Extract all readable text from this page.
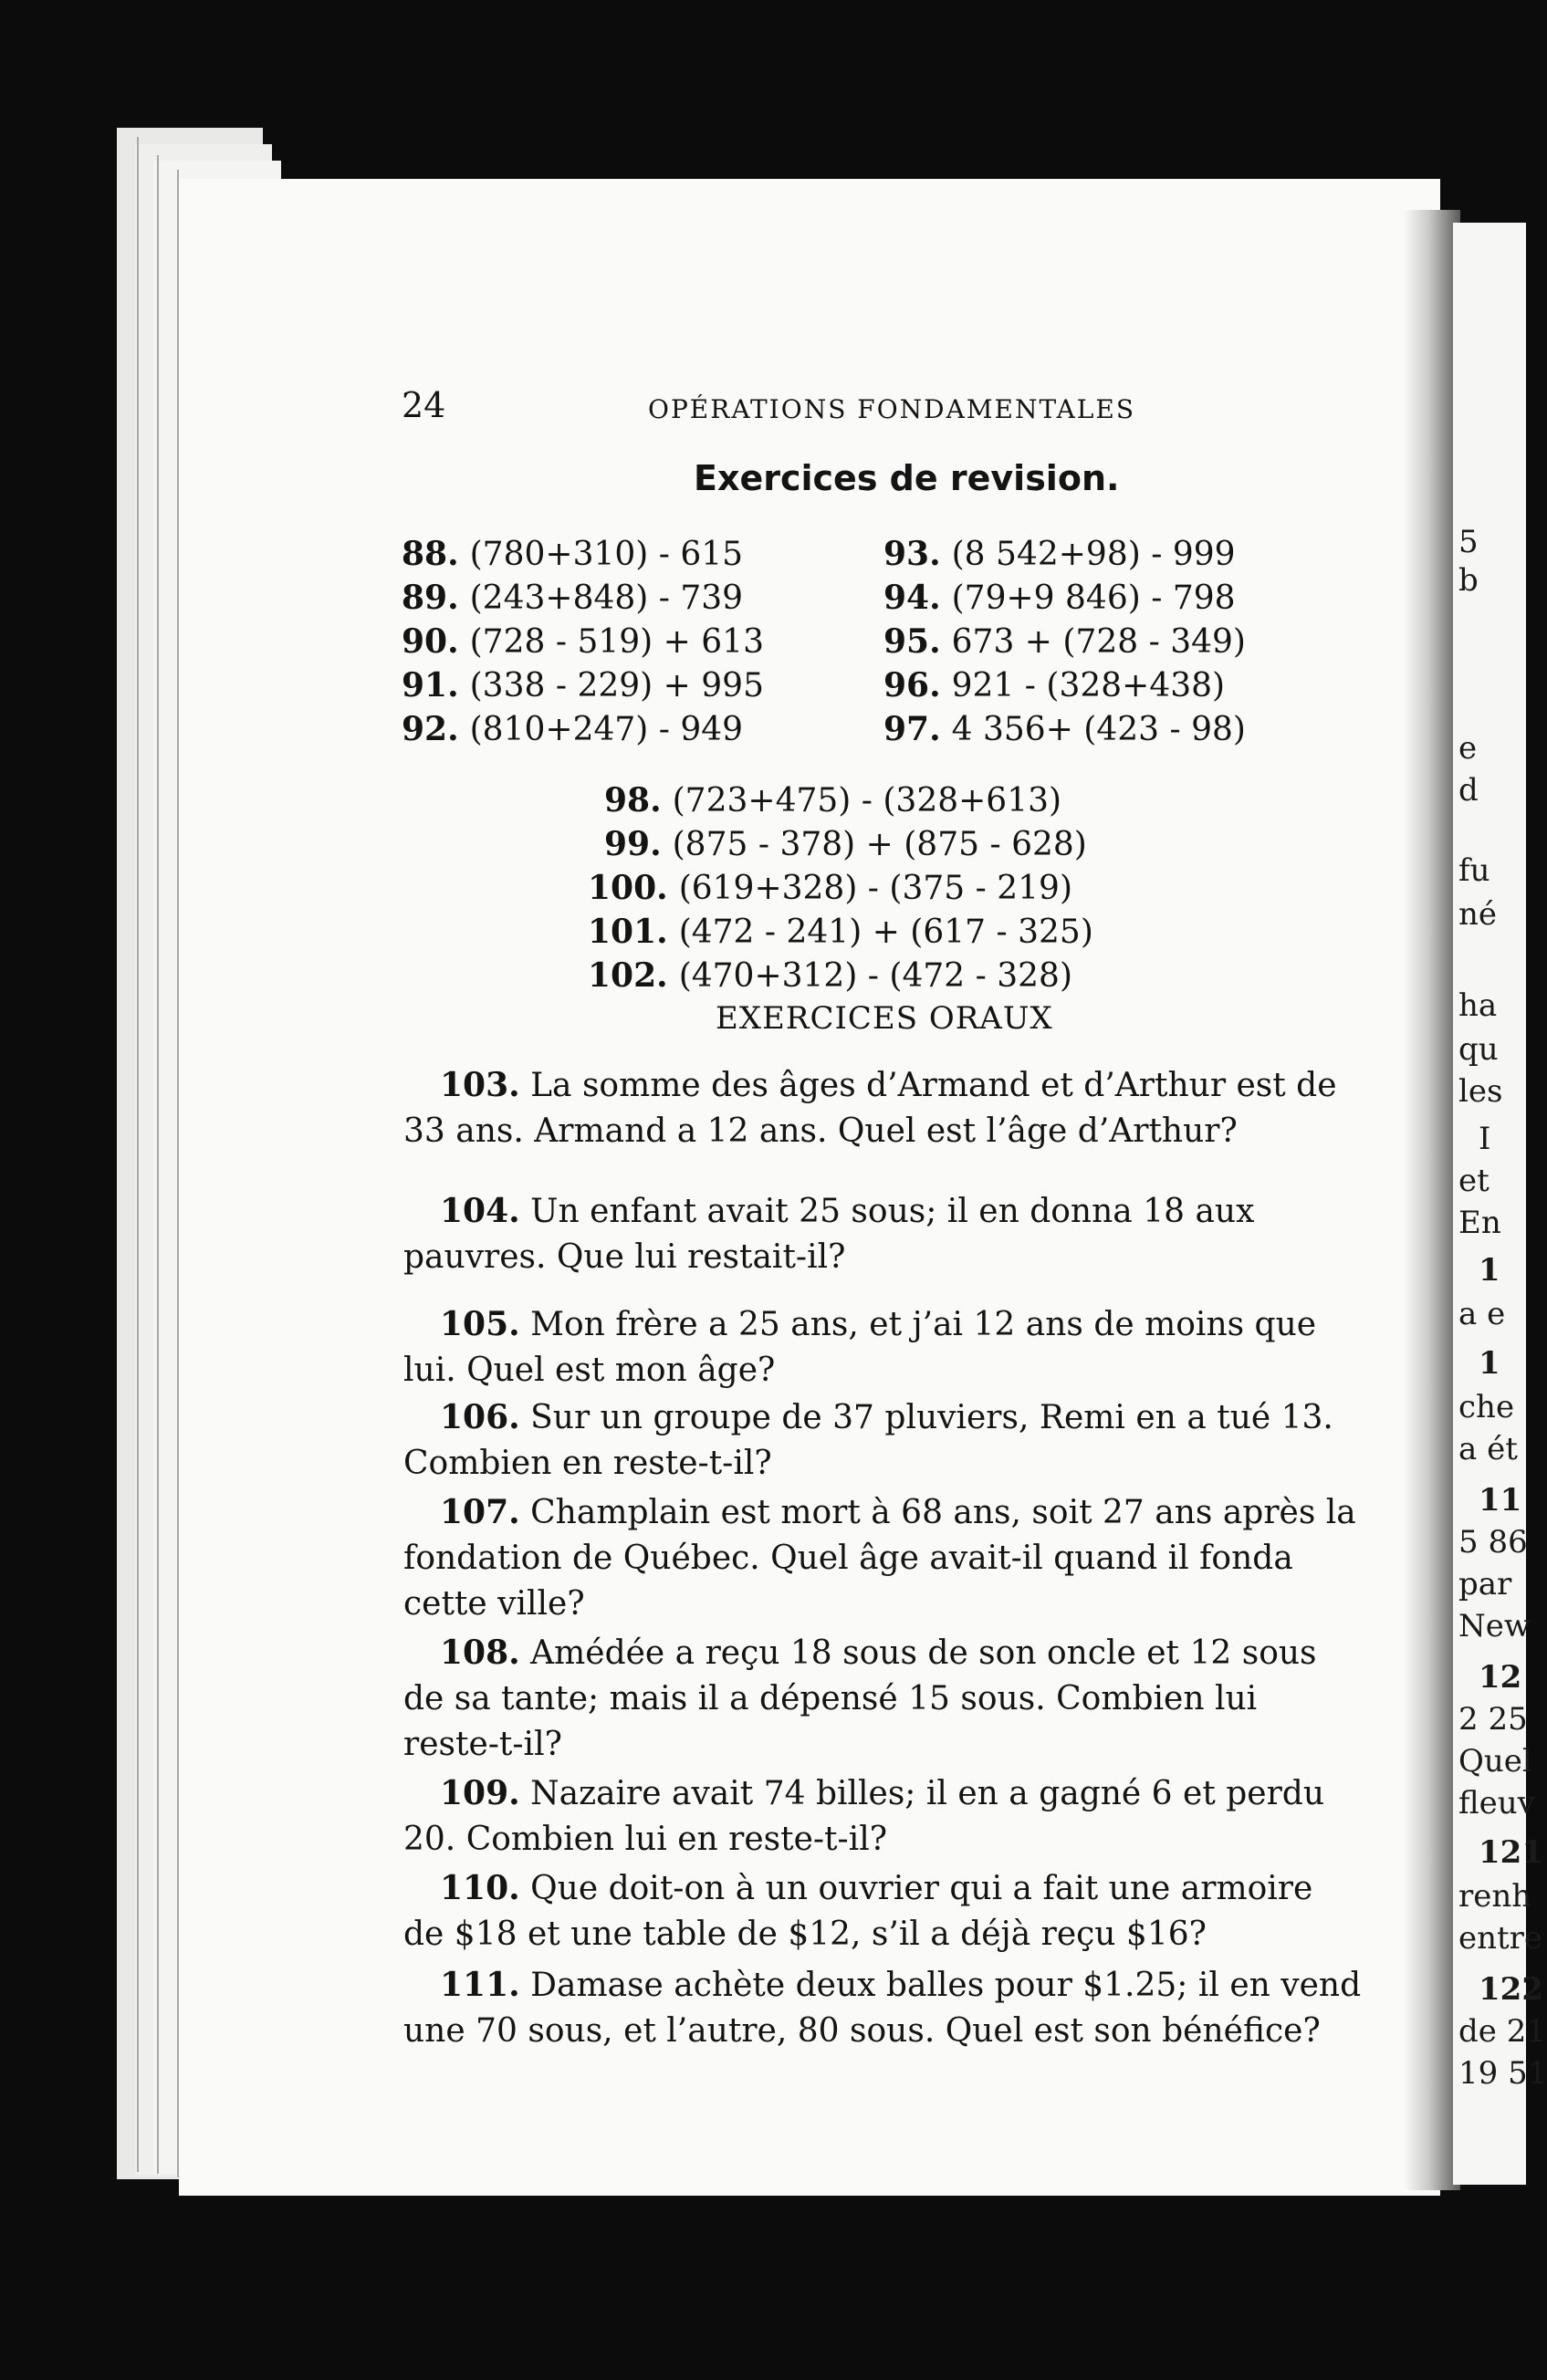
5
b
e
d
fu
né
ha
qu
les
I
et
En
1
a e
1
che
a ét
11
5 86
par
New
12
2 25
Quel
fleuv
121
renh
entre
122
de 21
19 51
24	OPÉRATIONS FONDAMENTALES
Exercices de revision.
88. (780+310) - 615
89. (243+848) - 739
90. (728 - 519) + 613
91. (338 - 229) + 995
92. (810+247) - 949
93. (8 542+98) - 999
94. (79+9 846) - 798
95. 673 + (728 - 349)
96. 921 - (328+438)
97. 4 356+ (423 - 98)
98. (723+475) - (328+613)
99. (875 - 378) + (875 - 628)
100. (619+328) - (375 - 219)
101. (472 - 241) + (617 - 325)
102. (470+312) - (472 - 328)
EXERCICES ORAUX
103. La somme des âges d’Armand et d’Arthur est de 33 ans. Armand a 12 ans. Quel est l’âge d’Arthur?
104. Un enfant avait 25 sous; il en donna 18 aux pauvres. Que lui restait-il?
105. Mon frère a 25 ans, et j’ai 12 ans de moins que lui. Quel est mon âge?
106. Sur un groupe de 37 pluviers, Remi en a tué 13. Combien en reste-t-il?
107. Champlain est mort à 68 ans, soit 27 ans après la fondation de Québec. Quel âge avait-il quand il fonda cette ville?
108. Amédée a reçu 18 sous de son oncle et 12 sous de sa tante; mais il a dépensé 15 sous. Combien lui reste-t-il?
109. Nazaire avait 74 billes; il en a gagné 6 et perdu 20. Combien lui en reste-t-il?
110. Que doit-on à un ouvrier qui a fait une armoire de $18 et une table de $12, s’il a déjà reçu $16?
111. Damase achète deux balles pour $1.25; il en vend une 70 sous, et l’autre, 80 sous. Quel est son bénéfice?
